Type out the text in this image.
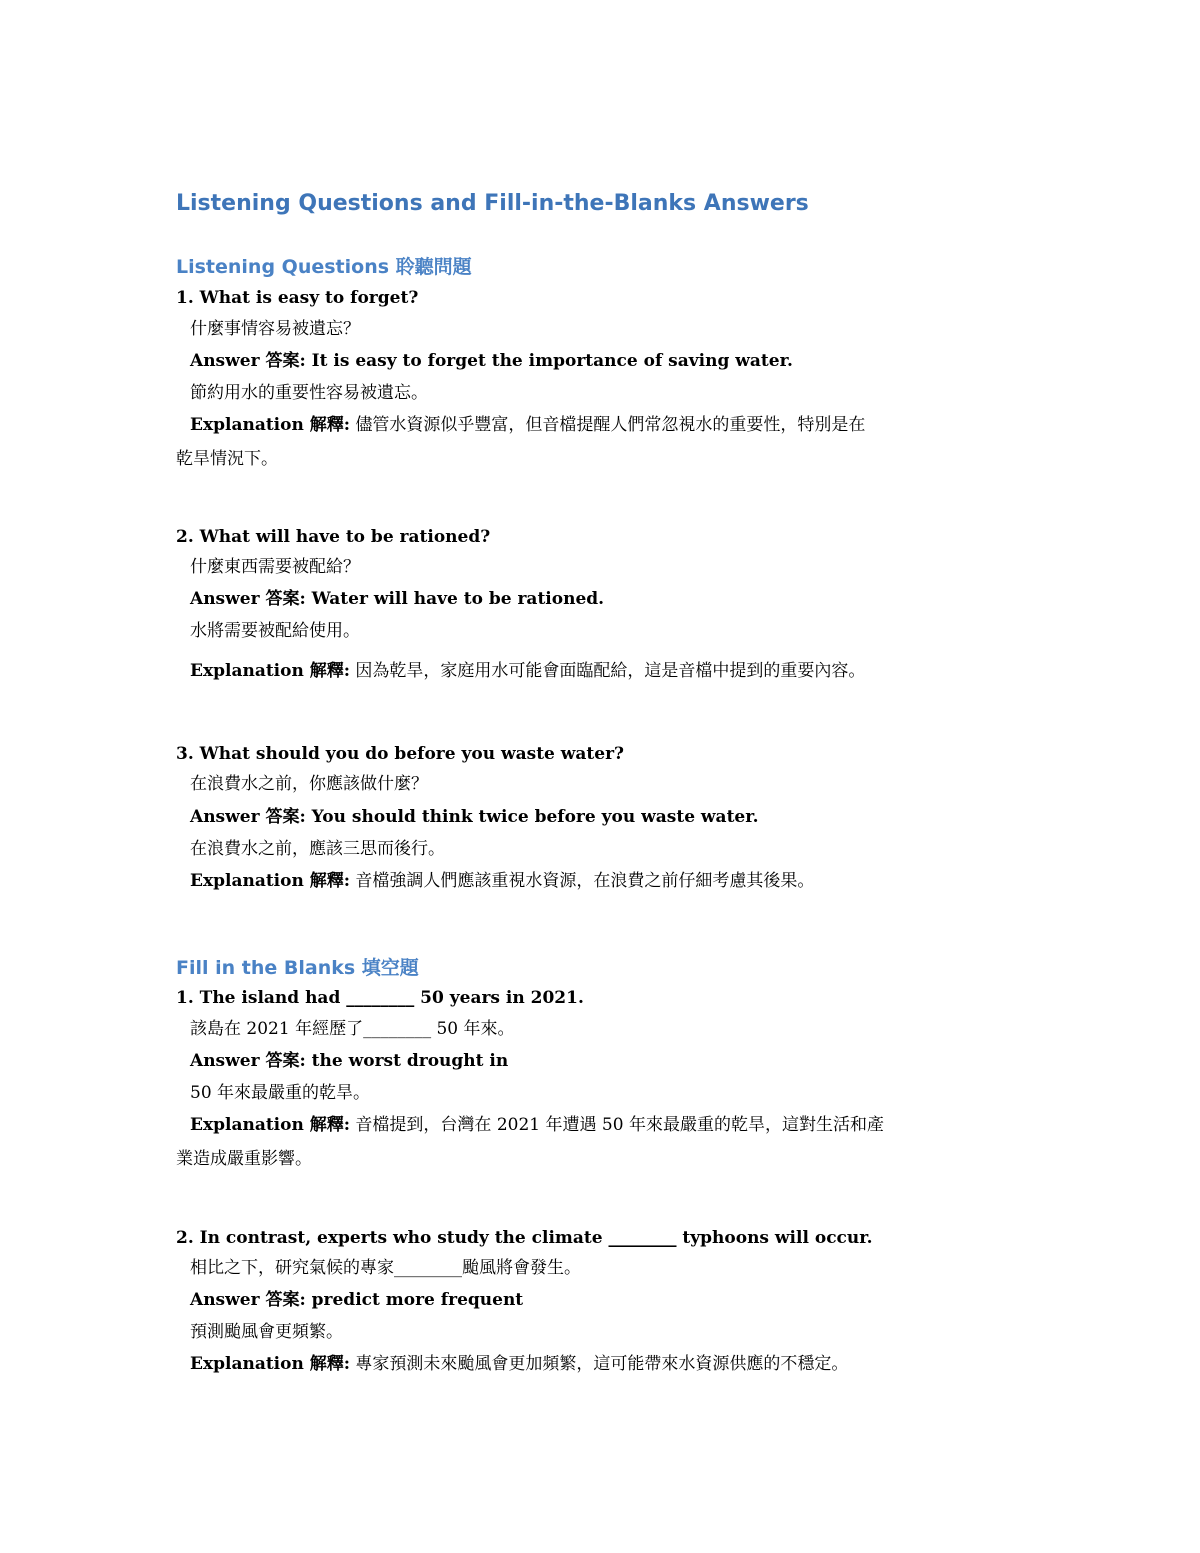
Listening Questions and Fill-in-the-Blanks Answers
Listening Questions 聆聽問題
1. What is easy to forget?
什麼事情容易被遺忘？
Answer 答案: It is easy to forget the importance of saving water.
節約用水的重要性容易被遺忘。
Explanation 解釋: 儘管水資源似乎豐富，但音檔提醒人們常忽視水的重要性，特別是在
乾旱情況下。
2. What will have to be rationed?
什麼東西需要被配給？
Answer 答案: Water will have to be rationed.
水將需要被配給使用。
Explanation 解釋: 因為乾旱，家庭用水可能會面臨配給，這是音檔中提到的重要內容。
3. What should you do before you waste water?
在浪費水之前，你應該做什麼？
Answer 答案: You should think twice before you waste water.
在浪費水之前，應該三思而後行。
Explanation 解釋: 音檔強調人們應該重視水資源，在浪費之前仔細考慮其後果。
Fill in the Blanks 填空題
1. The island had ________ 50 years in 2021.
該島在 2021 年經歷了________ 50 年來。
Answer 答案: the worst drought in
50 年來最嚴重的乾旱。
Explanation 解釋: 音檔提到，台灣在 2021 年遭遇 50 年來最嚴重的乾旱，這對生活和產
業造成嚴重影響。
2. In contrast, experts who study the climate ________ typhoons will occur.
相比之下，研究氣候的專家________颱風將會發生。
Answer 答案: predict more frequent
預測颱風會更頻繁。
Explanation 解釋: 專家預測未來颱風會更加頻繁，這可能帶來水資源供應的不穩定。
